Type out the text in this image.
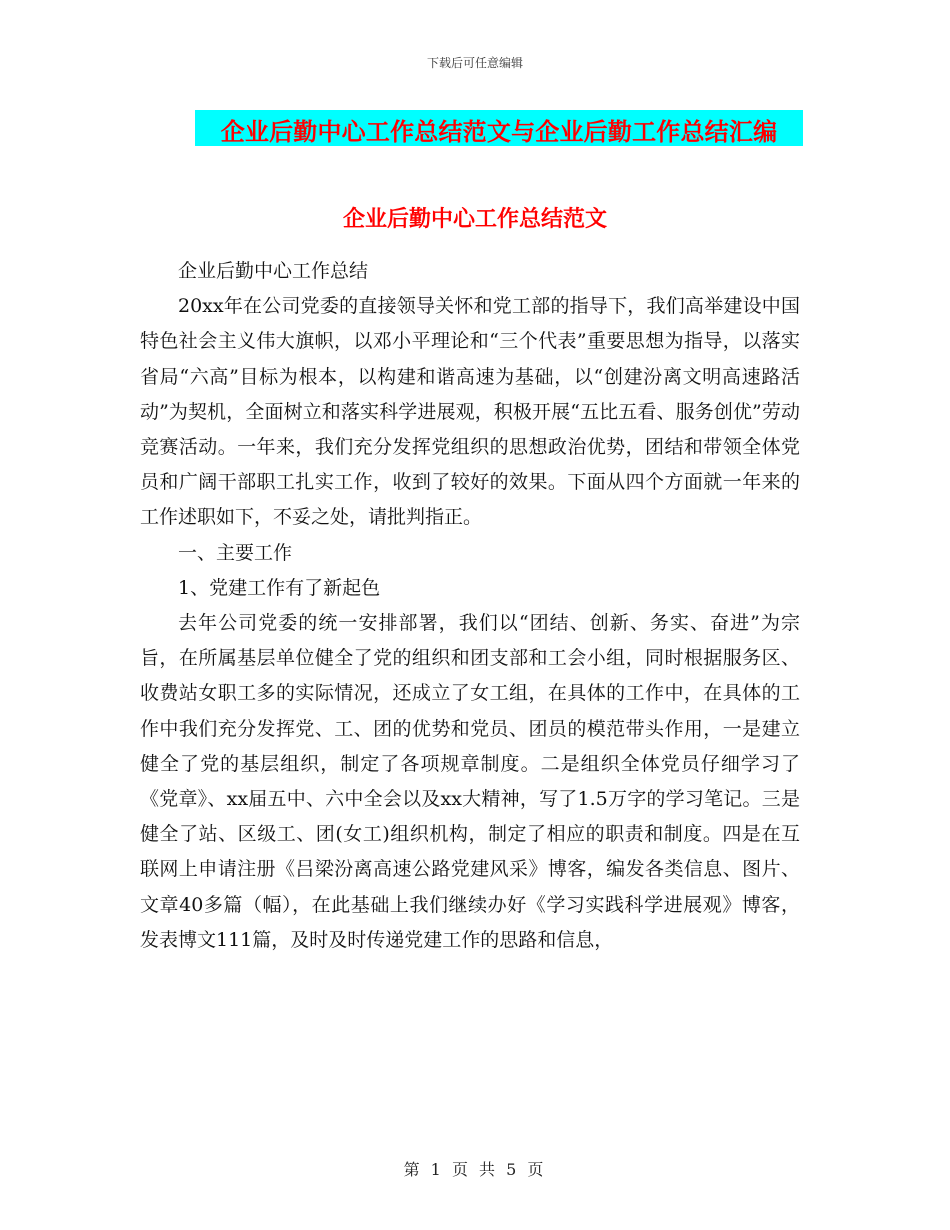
下载后可任意编辑
企业后勤中心工作总结范文与企业后勤工作总结汇编
企业后勤中心工作总结范文

企业后勤中心工作总结

20xx年在公司党委的直接领导关怀和党工部的指导下，我们高举建设中国特色社会主义伟大旗帜，以邓小平理论和“三个代表”重要思想为指导，以落实省局“六高”目标为根本，以构建和谐高速为基础，以“创建汾离文明高速路活动”为契机，全面树立和落实科学进展观，积极开展“五比五看、服务创优”劳动竞赛活动。一年来，我们充分发挥党组织的思想政治优势，团结和带领全体党员和广阔干部职工扎实工作，收到了较好的效果。下面从四个方面就一年来的工作述职如下，不妥之处，请批判指正。

一、主要工作

1、党建工作有了新起色

去年公司党委的统一安排部署，我们以“团结、创新、务实、奋进”为宗旨，在所属基层单位健全了党的组织和团支部和工会小组，同时根据服务区、收费站女职工多的实际情况，还成立了女工组，在具体的工作中，在具体的工作中我们充分发挥党、工、团的优势和党员、团员的模范带头作用，一是建立健全了党的基层组织，制定了各项规章制度。二是组织全体党员仔细学习了《党章》、xx届五中、六中全会以及xx大精神，写了1.5万字的学习笔记。三是健全了站、区级工、团(女工)组织机构，制定了相应的职责和制度。四是在互联网上申请注册《吕梁汾离高速公路党建风采》博客，编发各类信息、图片、文章40多篇（幅），在此基础上我们继续办好《学习实践科学进展观》博客，发表博文111篇，及时及时传递党建工作的思路和信息，

第 1 页 共 5 页
